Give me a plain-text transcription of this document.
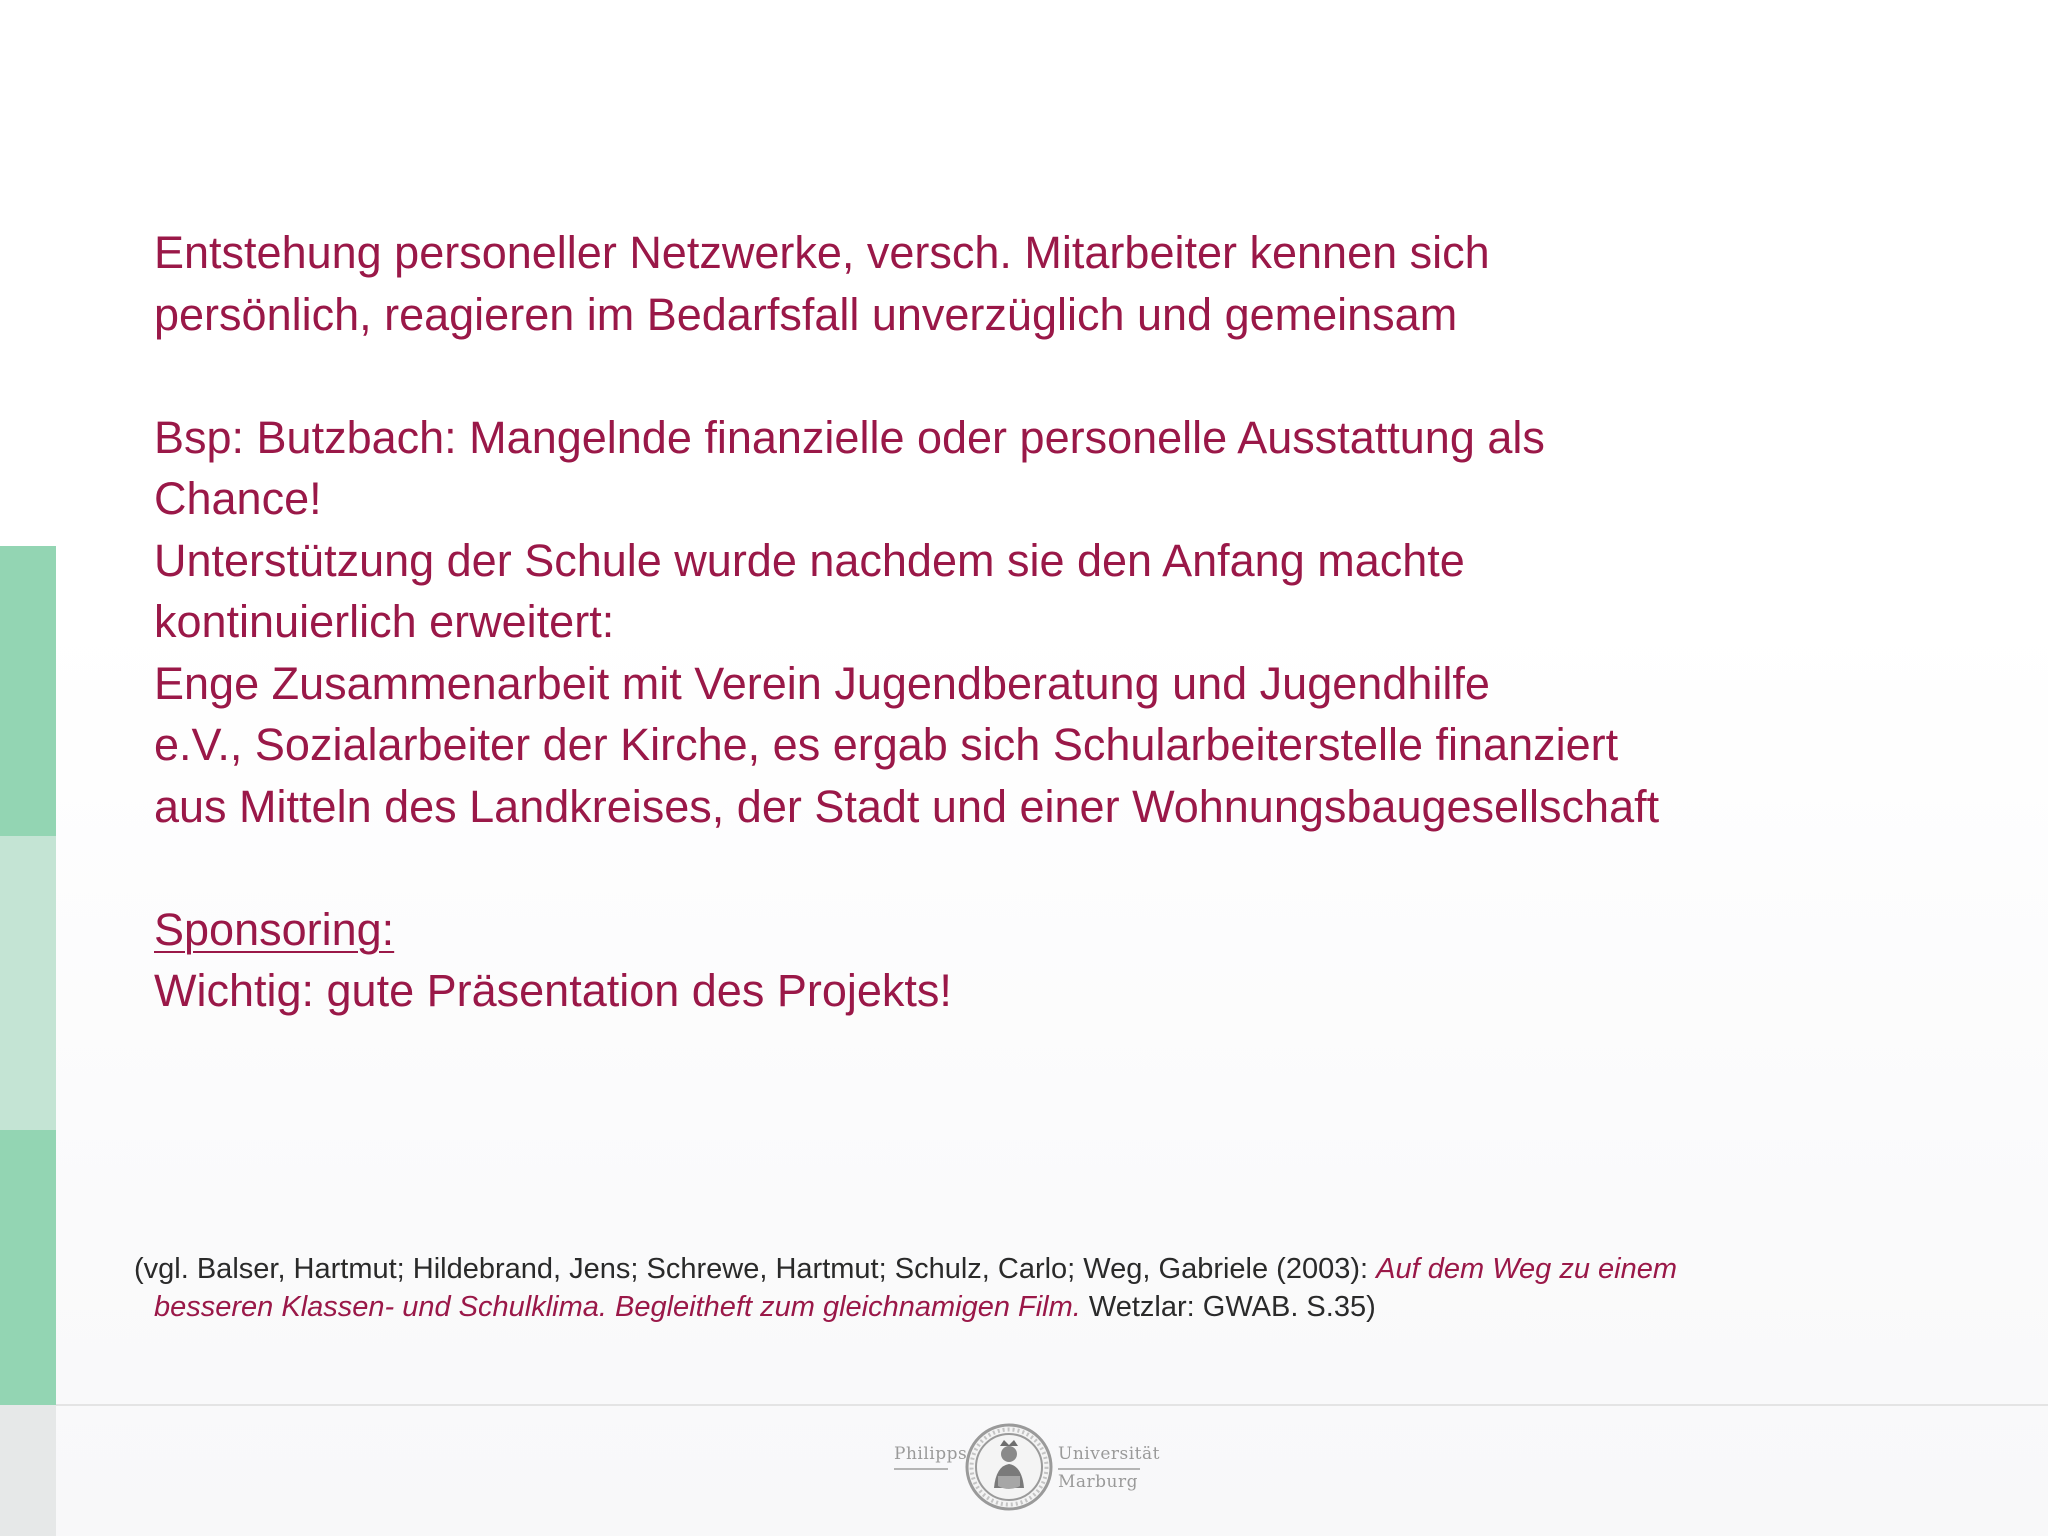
Entstehung personeller Netzwerke, versch. Mitarbeiter kennen sich
persönlich, reagieren im Bedarfsfall unverzüglich und gemeinsam
Bsp: Butzbach: Mangelnde finanzielle oder personelle Ausstattung als
Chance!
Unterstützung der Schule wurde nachdem sie den Anfang machte
kontinuierlich erweitert:
Enge Zusammenarbeit mit Verein Jugendberatung und Jugendhilfe
e.V., Sozialarbeiter der Kirche, es ergab sich Schularbeiterstelle finanziert
aus Mitteln des Landkreises, der Stadt und einer Wohnungsbaugesellschaft
Sponsoring:
Wichtig: gute Präsentation des Projekts!
(vgl. Balser, Hartmut; Hildebrand, Jens; Schrewe, Hartmut; Schulz, Carlo; Weg, Gabriele (2003): Auf dem Weg zu einem
besseren Klassen- und Schulklima. Begleitheft zum gleichnamigen Film. Wetzlar: GWAB. S.35)
Philipps	Universität
Marburg
